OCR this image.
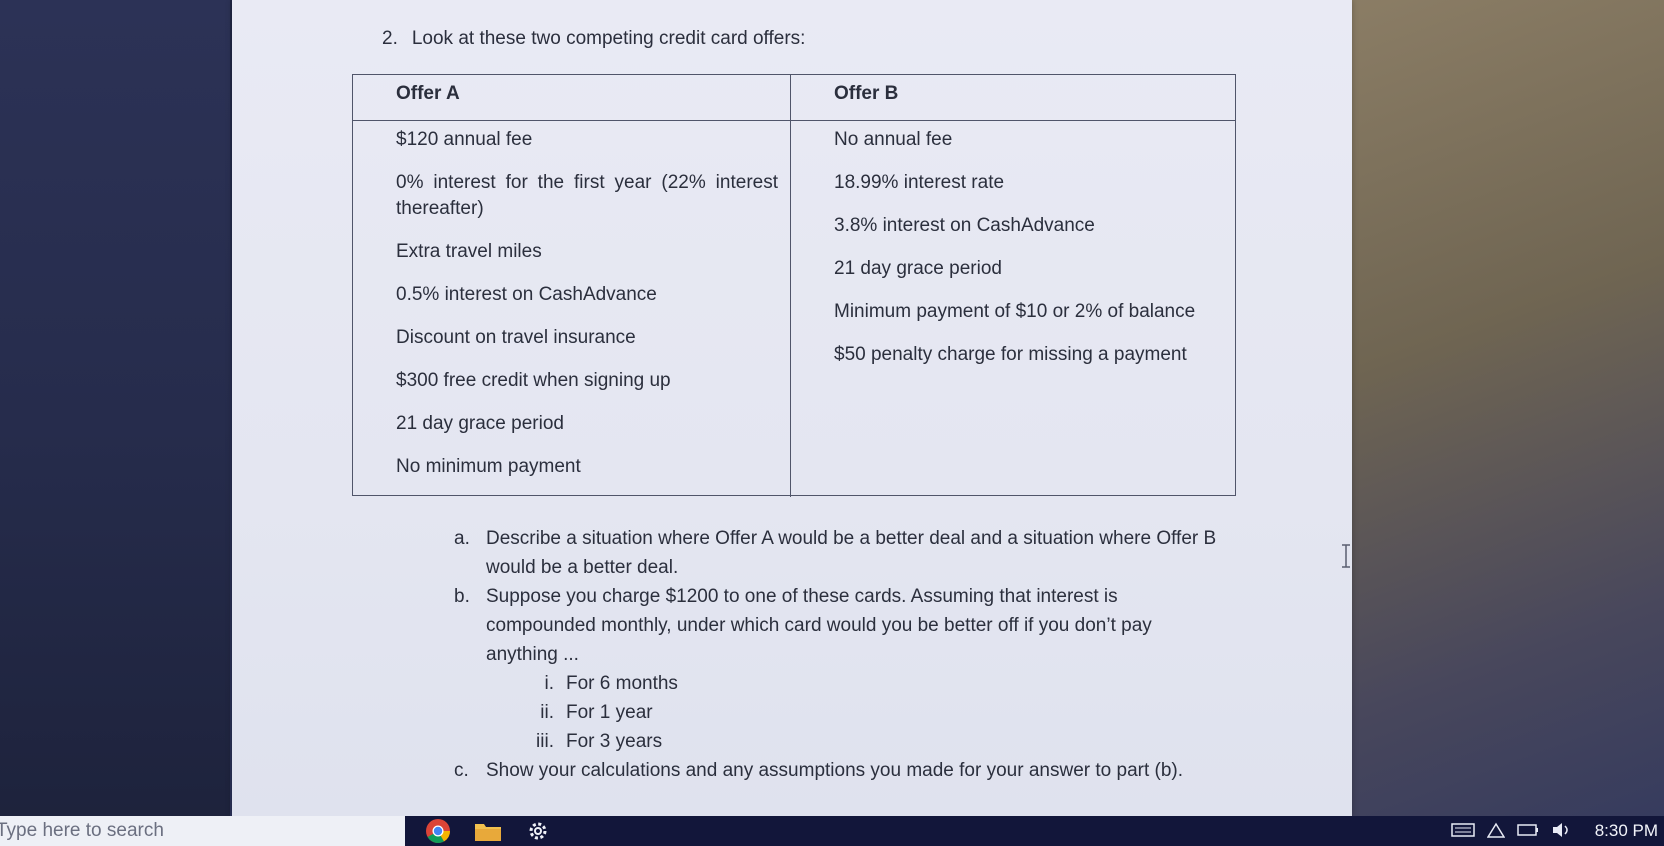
2. Look at these two competing credit card offers:
Offer A	Offer B
$120 annual fee
0% interest for the first year (22% interest thereafter)
Extra travel miles
0.5% interest on CashAdvance
Discount on travel insurance
$300 free credit when signing up
21 day grace period
No minimum payment
No annual fee
18.99% interest rate
3.8% interest on CashAdvance
21 day grace period
Minimum payment of $10 or 2% of balance
$50 penalty charge for missing a payment
a. Describe a situation where Offer A would be a better deal and a situation where Offer B would be a better deal.
b. Suppose you charge $1200 to one of these cards. Assuming that interest is compounded monthly, under which card would you be better off if you don’t pay anything ...
i. For 6 months
ii. For 1 year
iii. For 3 years
c. Show your calculations and any assumptions you made for your answer to part (b).
Type here to search
8:30 PM
